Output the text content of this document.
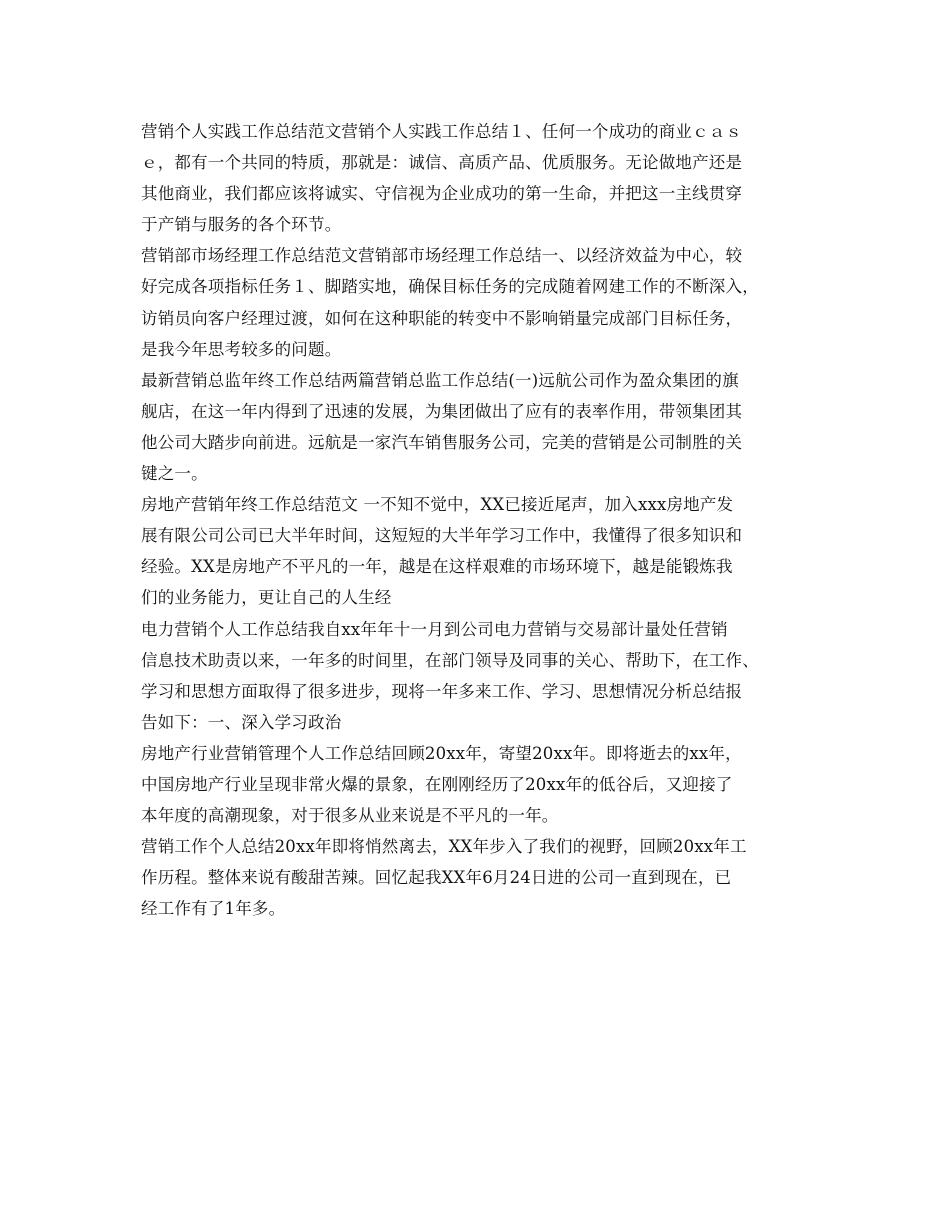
营销个人实践工作总结范文营销个人实践工作总结１、任何一个成功的商业ｃａｓ
ｅ，都有一个共同的特质，那就是：诚信、高质产品、优质服务。无论做地产还是
其他商业，我们都应该将诚实、守信视为企业成功的第一生命，并把这一主线贯穿
于产销与服务的各个环节。
营销部市场经理工作总结范文营销部市场经理工作总结一、以经济效益为中心，较
好完成各项指标任务１、脚踏实地，确保目标任务的完成随着网建工作的不断深入，
访销员向客户经理过渡，如何在这种职能的转变中不影响销量完成部门目标任务，
是我今年思考较多的问题。
最新营销总监年终工作总结两篇营销总监工作总结(一)远航公司作为盈众集团的旗
舰店，在这一年内得到了迅速的发展，为集团做出了应有的表率作用，带领集团其
他公司大踏步向前进。远航是一家汽车销售服务公司，完美的营销是公司制胜的关
键之一。
房地产营销年终工作总结范文 一不知不觉中，XX已接近尾声，加入xxx房地产发
展有限公司公司已大半年时间，这短短的大半年学习工作中，我懂得了很多知识和
经验。XX是房地产不平凡的一年，越是在这样艰难的市场环境下，越是能锻炼我
们的业务能力，更让自己的人生经
电力营销个人工作总结我自xx年年十一月到公司电力营销与交易部计量处任营销
信息技术助责以来，一年多的时间里，在部门领导及同事的关心、帮助下，在工作、
学习和思想方面取得了很多进步，现将一年多来工作、学习、思想情况分析总结报
告如下：一、深入学习政治
房地产行业营销管理个人工作总结回顾20xx年，寄望20xx年。即将逝去的xx年，
中国房地产行业呈现非常火爆的景象，在刚刚经历了20xx年的低谷后，又迎接了
本年度的高潮现象，对于很多从业来说是不平凡的一年。
营销工作个人总结20xx年即将悄然离去，XX年步入了我们的视野，回顾20xx年工
作历程。整体来说有酸甜苦辣。回忆起我XX年6月24日进的公司一直到现在，已
经工作有了1年多。
